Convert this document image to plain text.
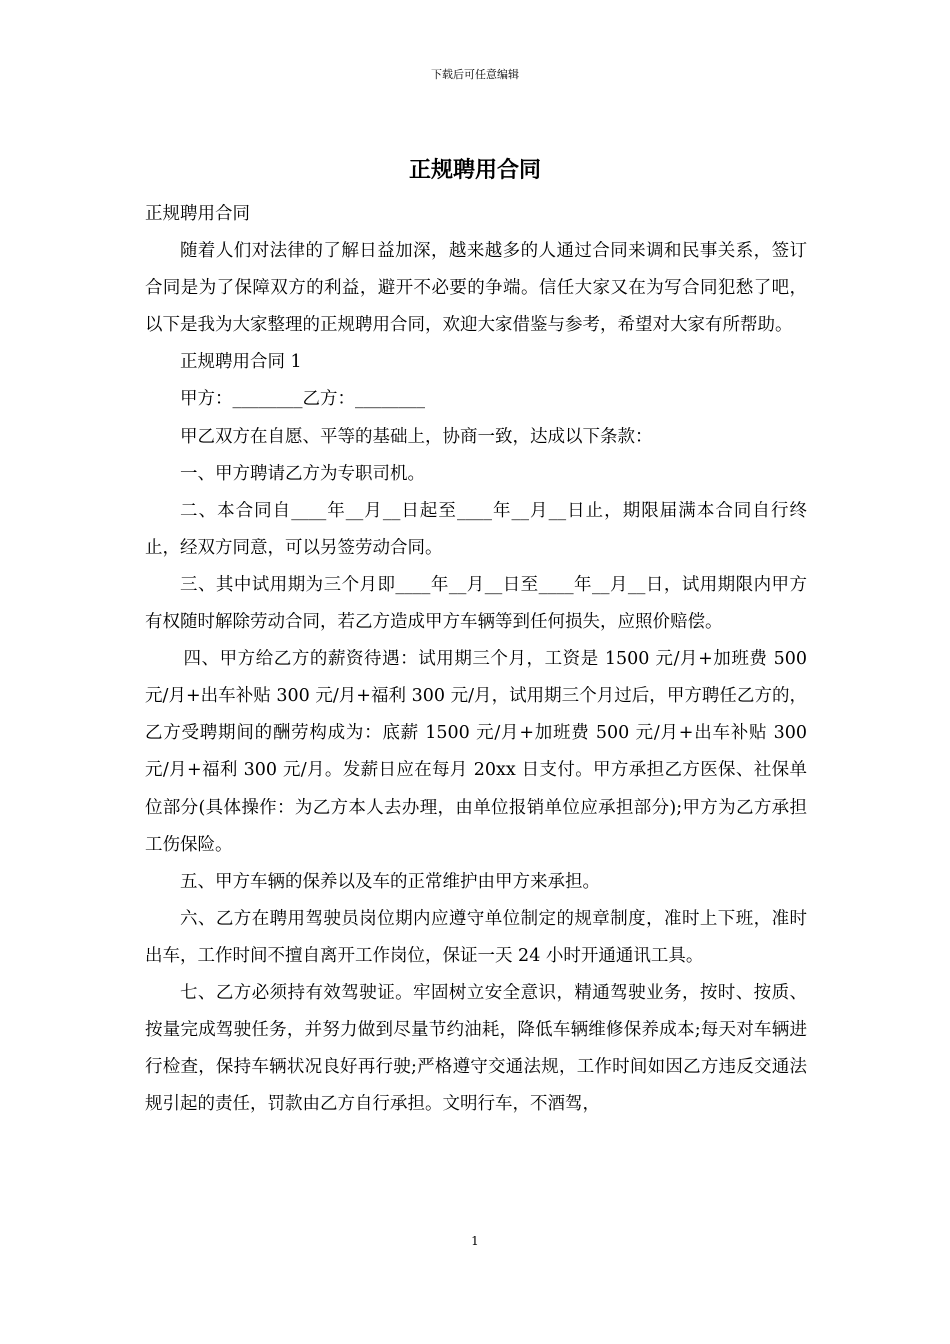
下载后可任意编辑
正规聘用合同

正规聘用合同

随着人们对法律的了解日益加深，越来越多的人通过合同来调和民事关系，签订合同是为了保障双方的利益，避开不必要的争端。信任大家又在为写合同犯愁了吧，以下是我为大家整理的正规聘用合同，欢迎大家借鉴与参考，希望对大家有所帮助。

正规聘用合同 1

甲方：________乙方：________

甲乙双方在自愿、平等的基础上，协商一致，达成以下条款：

一、甲方聘请乙方为专职司机。

二、本合同自____年__月__日起至____年__月__日止，期限届满本合同自行终止，经双方同意，可以另签劳动合同。

三、其中试用期为三个月即____年__月__日至____年__月__日，试用期限内甲方有权随时解除劳动合同，若乙方造成甲方车辆等到任何损失，应照价赔偿。

四、甲方给乙方的薪资待遇：试用期三个月，工资是 1500 元/月+加班费 500 元/月+出车补贴 300 元/月+福利 300 元/月，试用期三个月过后，甲方聘任乙方的，乙方受聘期间的酬劳构成为：底薪 1500 元/月+加班费 500 元/月+出车补贴 300 元/月+福利 300 元/月。发薪日应在每月 20xx 日支付。甲方承担乙方医保、社保单位部分(具体操作：为乙方本人去办理，由单位报销单位应承担部分);甲方为乙方承担工伤保险。

五、甲方车辆的保养以及车的正常维护由甲方来承担。

六、乙方在聘用驾驶员岗位期内应遵守单位制定的规章制度，准时上下班，准时出车，工作时间不擅自离开工作岗位，保证一天 24 小时开通通讯工具。

七、乙方必须持有效驾驶证。牢固树立安全意识，精通驾驶业务，按时、按质、按量完成驾驶任务，并努力做到尽量节约油耗，降低车辆维修保养成本;每天对车辆进行检查，保持车辆状况良好再行驶;严格遵守交通法规，工作时间如因乙方违反交通法规引起的责任，罚款由乙方自行承担。文明行车，不酒驾，

1
